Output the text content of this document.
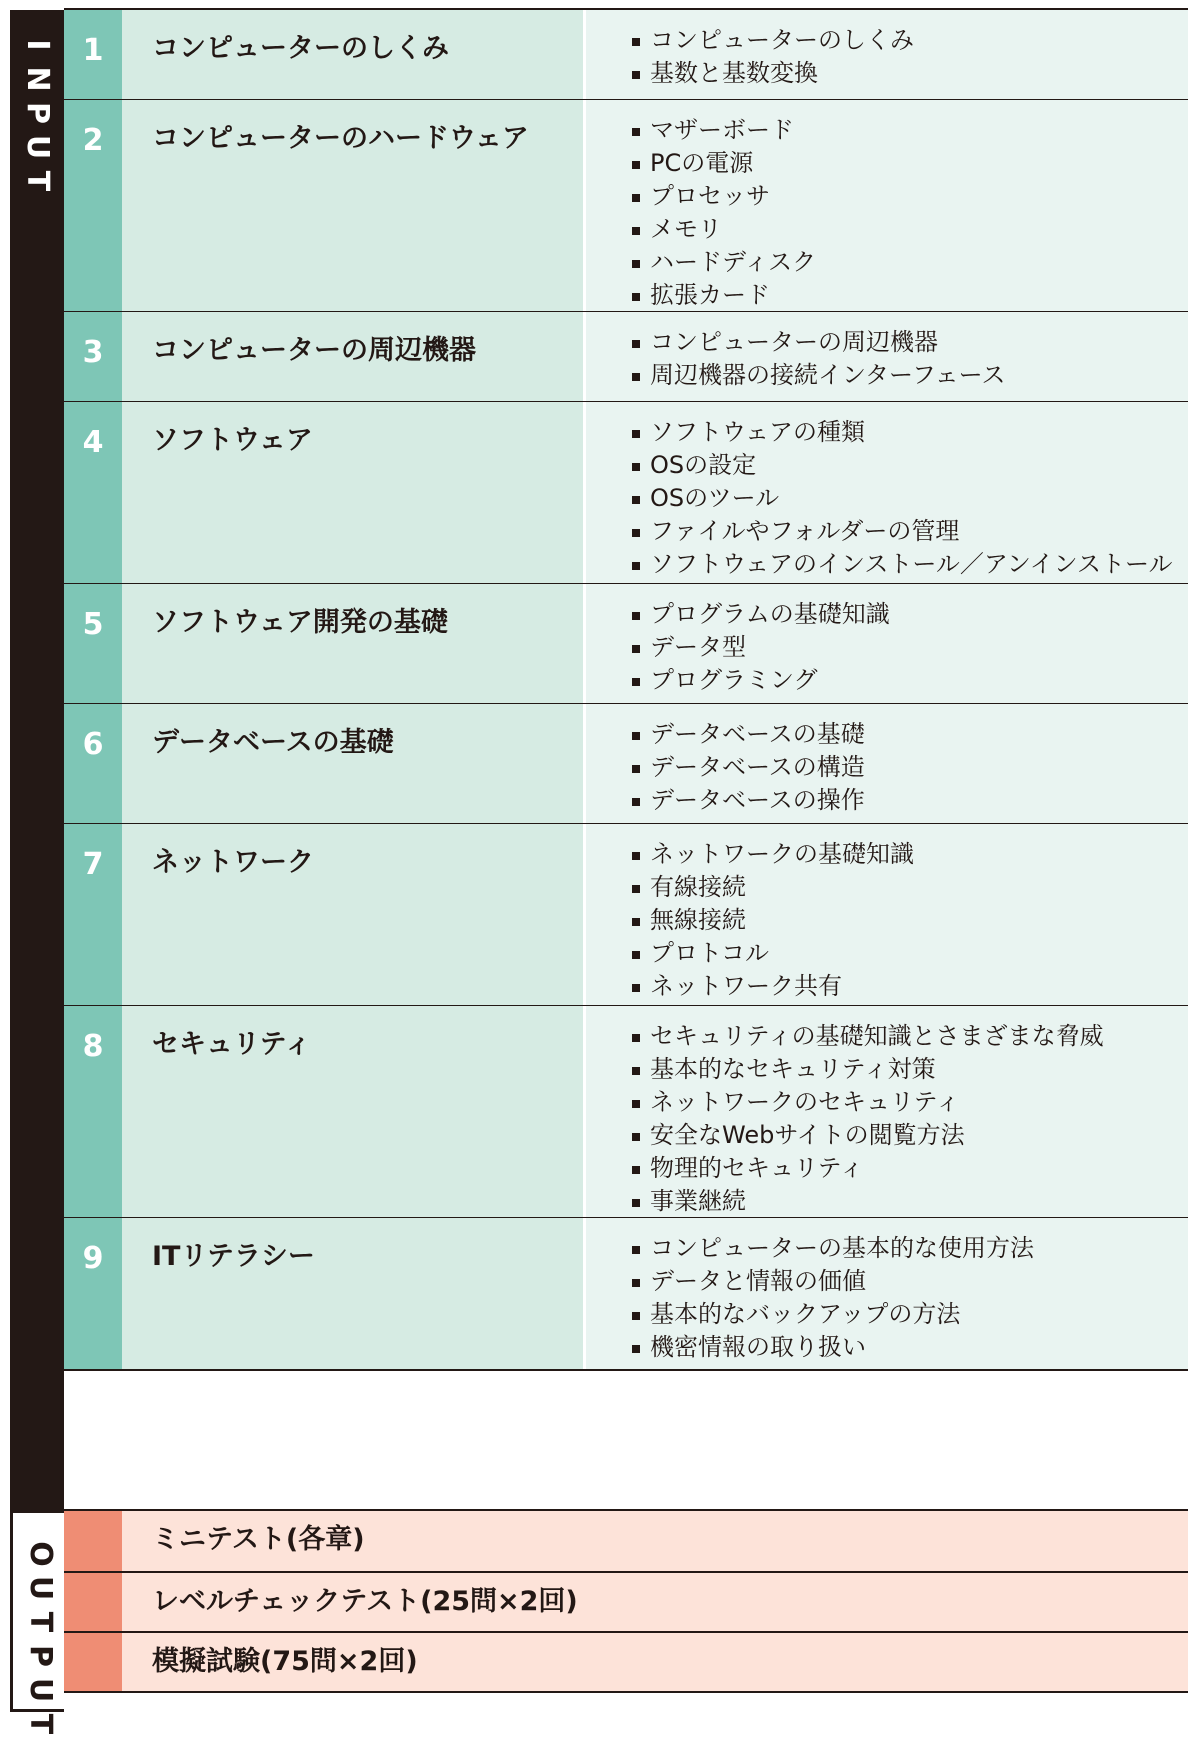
I
N
P
U
T
O
U
T
P
U
T
1	コンピューターのしくみ	コンピューターのしくみ
基数と基数変換
2	コンピューターのハードウェア	マザーボード
PCの電源
プロセッサ
メモリ
ハードディスク
拡張カード
3	コンピューターの周辺機器	コンピューターの周辺機器
周辺機器の接続インターフェース
4	ソフトウェア	ソフトウェアの種類
OSの設定
OSのツール
ファイルやフォルダーの管理
ソフトウェアのインストール／アンインストール
5	ソフトウェア開発の基礎	プログラムの基礎知識
データ型
プログラミング
6	データベースの基礎	データベースの基礎
データベースの構造
データベースの操作
7	ネットワーク	ネットワークの基礎知識
有線接続
無線接続
プロトコル
ネットワーク共有
8	セキュリティ	セキュリティの基礎知識とさまざまな脅威
基本的なセキュリティ対策
ネットワークのセキュリティ
安全なWebサイトの閲覧方法
物理的セキュリティ
事業継続
9	ITリテラシー	コンピューターの基本的な使用方法
データと情報の価値
基本的なバックアップの方法
機密情報の取り扱い
ミニテスト(各章)
レベルチェックテスト(25問×2回)
模擬試験(75問×2回)
